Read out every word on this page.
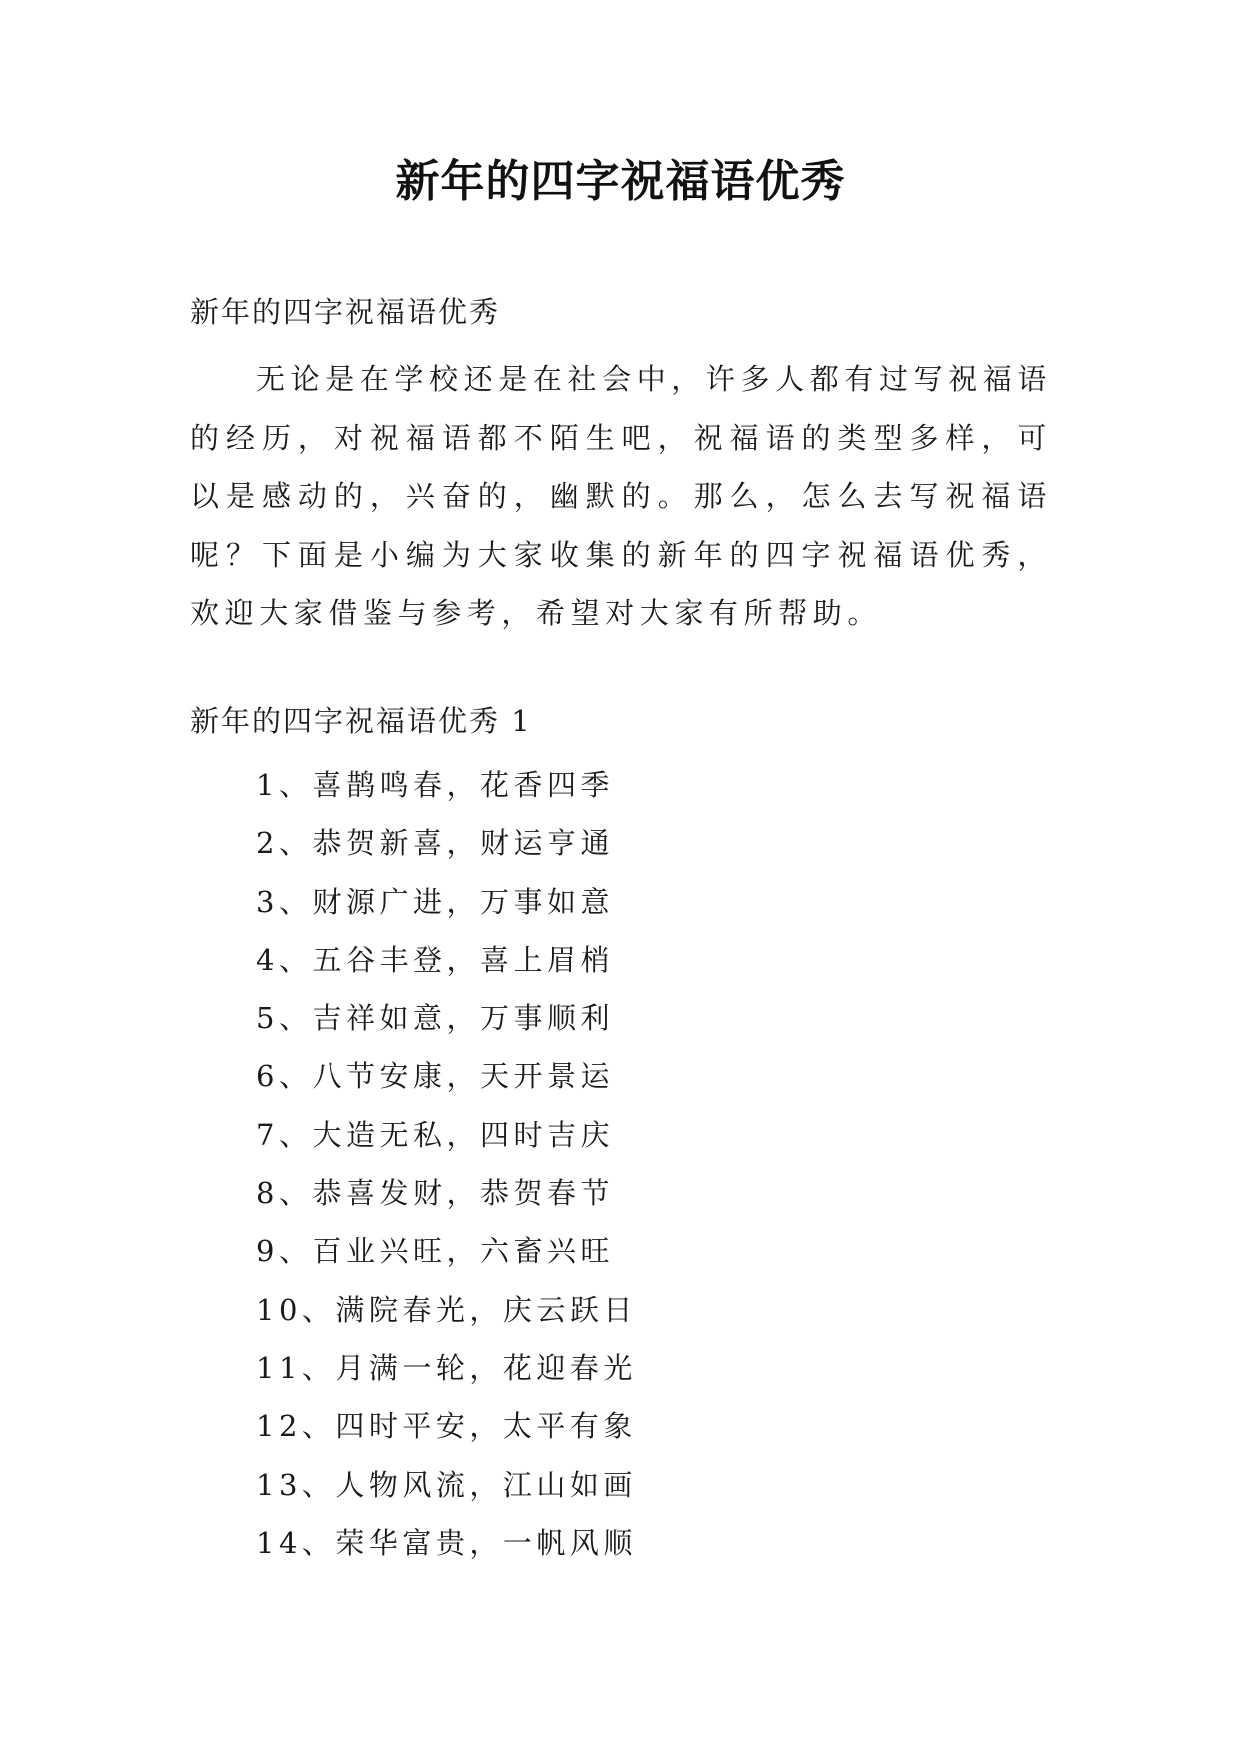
新年的四字祝福语优秀
新年的四字祝福语优秀

无论是在学校还是在社会中，许多人都有过写祝福语的经历，对祝福语都不陌生吧，祝福语的类型多样，可以是感动的，兴奋的，幽默的。那么，怎么去写祝福语呢？下面是小编为大家收集的新年的四字祝福语优秀，欢迎大家借鉴与参考，希望对大家有所帮助。

新年的四字祝福语优秀 1
1、喜鹊鸣春，花香四季
2、恭贺新喜，财运亨通
3、财源广进，万事如意
4、五谷丰登，喜上眉梢
5、吉祥如意，万事顺利
6、八节安康，天开景运
7、大造无私，四时吉庆
8、恭喜发财，恭贺春节
9、百业兴旺，六畜兴旺
10、满院春光，庆云跃日
11、月满一轮，花迎春光
12、四时平安，太平有象
13、人物风流，江山如画
14、荣华富贵，一帆风顺
